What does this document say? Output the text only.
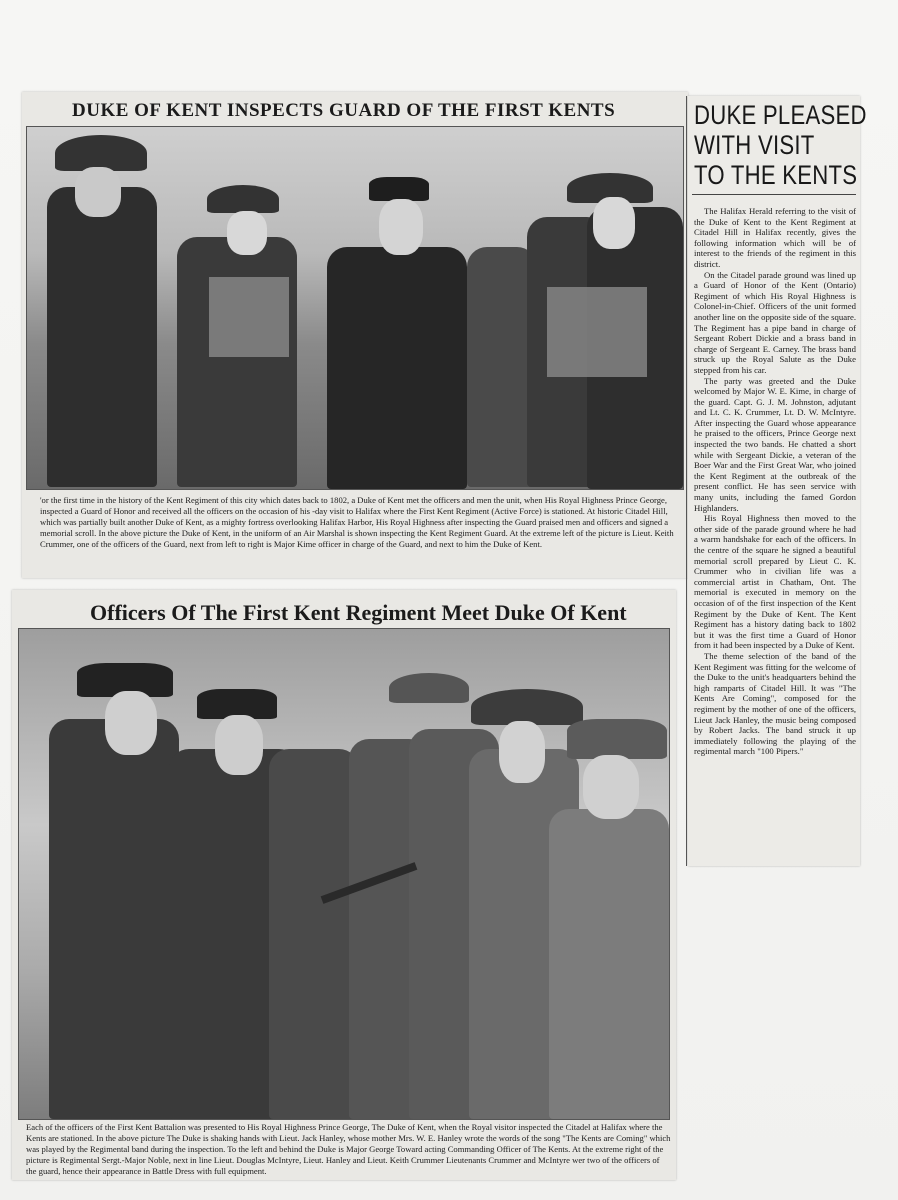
DUKE OF KENT INSPECTS GUARD OF THE FIRST KENTS
'or the first time in the history of the Kent Regiment of this city which dates back to 1802, a Duke of Kent met the officers and men the unit, when His Royal Highness Prince George, inspected a Guard of Honor and received all the officers on the occasion of his -day visit to Halifax where the First Kent Regiment (Active Force) is stationed. At historic Citadel Hill, which was partially built another Duke of Kent, as a mighty fortress overlooking Halifax Harbor, His Royal Highness after inspecting the Guard praised men and officers and signed a memorial scroll. In the above picture the Duke of Kent, in the uniform of an Air Marshal is shown inspecting the Kent Regiment Guard. At the extreme left of the picture is Lieut. Keith Crummer, one of the officers of the Guard, next from left to right is Major Kime officer in charge of the Guard, and next to him the Duke of Kent.
Officers Of The First Kent Regiment Meet Duke Of Kent
Each of the officers of the First Kent Battalion was presented to His Royal Highness Prince George, The Duke of Kent, when the Royal visitor inspected the Citadel at Halifax where the Kents are stationed. In the above picture The Duke is shaking hands with Lieut. Jack Hanley, whose mother Mrs. W. E. Hanley wrote the words of the song "The Kents are Coming" which was played by the Regimental band during the inspection. To the left and behind the Duke is Major George Toward acting Commanding Officer of The Kents. At the extreme right of the picture is Regimental Sergt.-Major Noble, next in line Lieut. Douglas McIntyre, Lieut. Hanley and Lieut. Keith Crummer Lieutenants Crummer and McIntyre wer two of the officers of the guard, hence their appearance in Battle Dress with full equipment.
DUKE PLEASED
WITH VISIT
TO THE KENTS

The Halifax Herald referring to the visit of the Duke of Kent to the Kent Regiment at Citadel Hill in Halifax recently, gives the following information which will be of interest to the friends of the regiment in this district.

On the Citadel parade ground was lined up a Guard of Honor of the Kent (Ontario) Regiment of which His Royal Highness is Colonel-in-Chief. Officers of the unit formed another line on the opposite side of the square. The Regiment has a pipe band in charge of Sergeant Robert Dickie and a brass band in charge of Sergeant E. Carney. The brass band struck up the Royal Salute as the Duke stepped from his car.

The party was greeted and the Duke welcomed by Major W. E. Kime, in charge of the guard. Capt. G. J. M. Johnston, adjutant and Lt. C. K. Crummer, Lt. D. W. McIntyre. After inspecting the Guard whose appearance he praised to the officers, Prince George next inspected the two bands. He chatted a short while with Sergeant Dickie, a veteran of the Boer War and the First Great War, who joined the Kent Regiment at the outbreak of the present conflict. He has seen service with many units, including the famed Gordon Highlanders.

His Royal Highness then moved to the other side of the parade ground where he had a warm handshake for each of the officers. In the centre of the square he signed a beautiful memorial scroll prepared by Lieut C. K. Crummer who in civilian life was a commercial artist in Chatham, Ont. The memorial is executed in memory on the occasion of of the first inspection of the Kent Regiment by the Duke of Kent. The Kent Regiment has a history dating back to 1802 but it was the first time a Guard of Honor from it had been inspected by a Duke of Kent.

The theme selection of the band of the Kent Regiment was fitting for the welcome of the Duke to the unit's headquarters behind the high ramparts of Citadel Hill. It was "The Kents Are Coming", composed for the regiment by the mother of one of the officers, Lieut Jack Hanley, the music being composed by Robert Jacks. The band struck it up immediately following the playing of the regimental march "100 Pipers."
